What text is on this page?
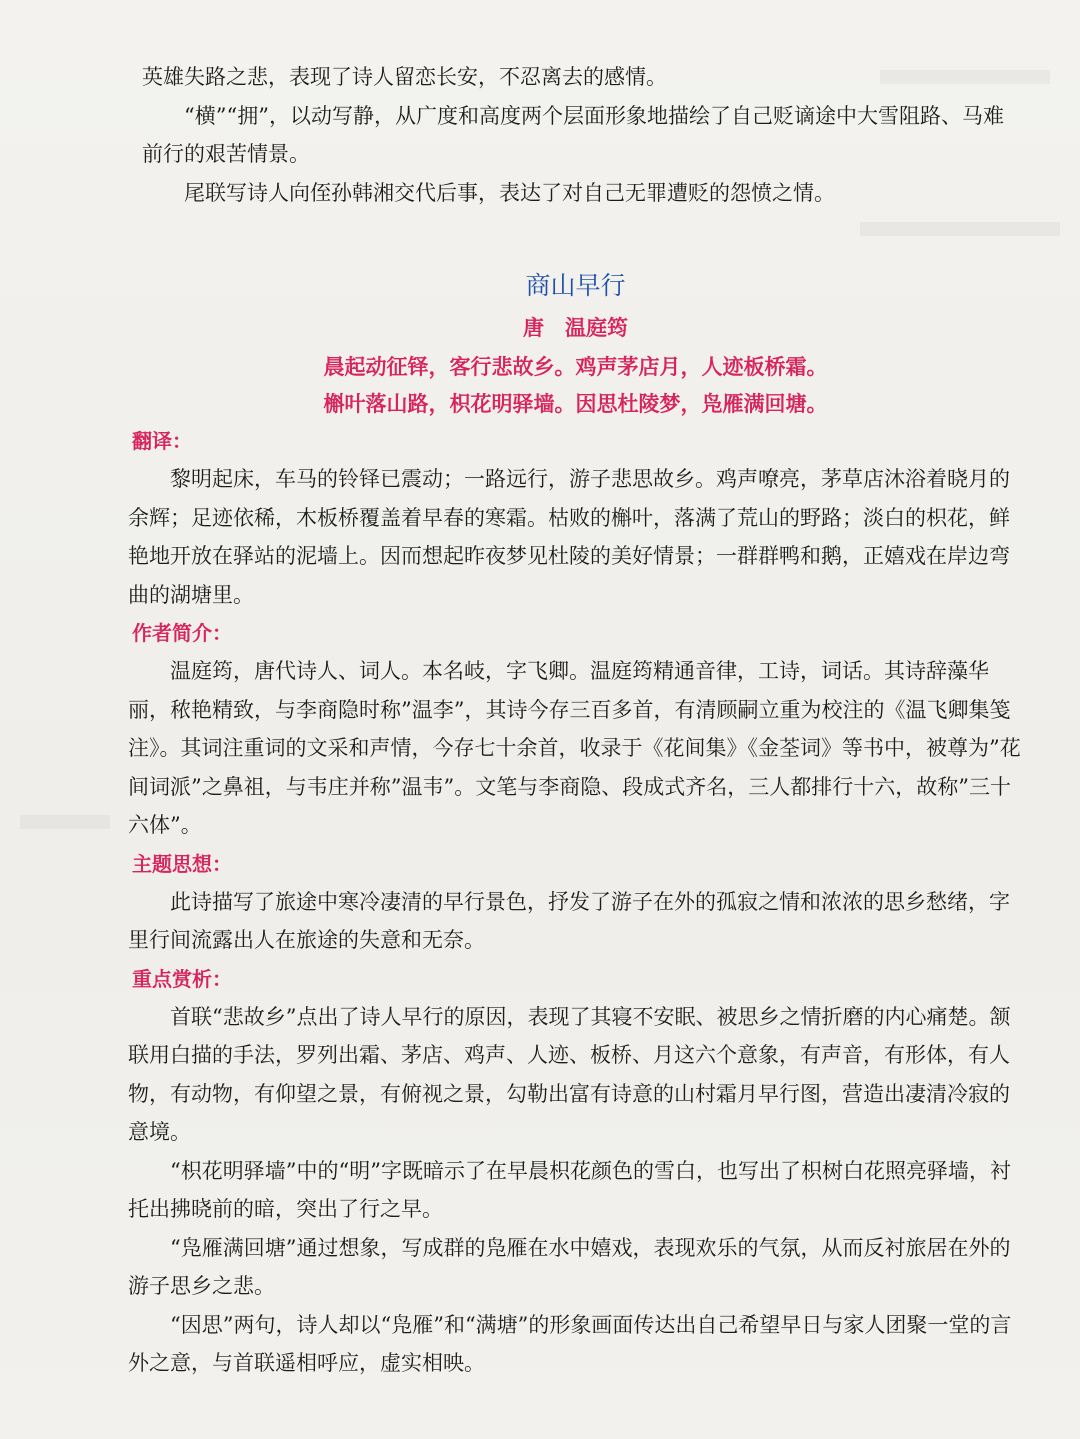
英雄失路之悲，表现了诗人留恋长安，不忍离去的感情。

“横”“拥”，以动写静，从广度和高度两个层面形象地描绘了自己贬谪途中大雪阻路、马难前行的艰苦情景。

尾联写诗人向侄孙韩湘交代后事，表达了对自己无罪遭贬的怨愤之情。

商山早行

唐　温庭筠

晨起动征铎，客行悲故乡。鸡声茅店月，人迹板桥霜。

槲叶落山路，枳花明驿墙。因思杜陵梦，凫雁满回塘。

翻译：

黎明起床，车马的铃铎已震动；一路远行，游子悲思故乡。鸡声嘹亮，茅草店沐浴着晓月的余辉；足迹依稀，木板桥覆盖着早春的寒霜。枯败的槲叶，落满了荒山的野路；淡白的枳花，鲜艳地开放在驿站的泥墙上。因而想起昨夜梦见杜陵的美好情景；一群群鸭和鹅，正嬉戏在岸边弯曲的湖塘里。

作者简介：

温庭筠，唐代诗人、词人。本名岐，字飞卿。温庭筠精通音律，工诗，词话。其诗辞藻华丽，秾艳精致，与李商隐时称”温李”，其诗今存三百多首，有清顾嗣立重为校注的《温飞卿集笺注》。其词注重词的文采和声情，今存七十余首，收录于《花间集》《金荃词》等书中，被尊为”花间词派”之鼻祖，与韦庄并称”温韦”。文笔与李商隐、段成式齐名，三人都排行十六，故称”三十六体”。

主题思想：

此诗描写了旅途中寒冷凄清的早行景色，抒发了游子在外的孤寂之情和浓浓的思乡愁绪，字里行间流露出人在旅途的失意和无奈。

重点赏析：

首联“悲故乡”点出了诗人早行的原因，表现了其寝不安眠、被思乡之情折磨的内心痛楚。颔联用白描的手法，罗列出霜、茅店、鸡声、人迹、板桥、月这六个意象，有声音，有形体，有人物，有动物，有仰望之景，有俯视之景，勾勒出富有诗意的山村霜月早行图，营造出凄清冷寂的意境。

“枳花明驿墙”中的“明”字既暗示了在早晨枳花颜色的雪白，也写出了枳树白花照亮驿墙，衬托出拂晓前的暗，突出了行之早。

“凫雁满回塘”通过想象，写成群的凫雁在水中嬉戏，表现欢乐的气氛，从而反衬旅居在外的游子思乡之悲。

“因思”两句，诗人却以“凫雁”和“满塘”的形象画面传达出自己希望早日与家人团聚一堂的言外之意，与首联遥相呼应，虚实相映。
